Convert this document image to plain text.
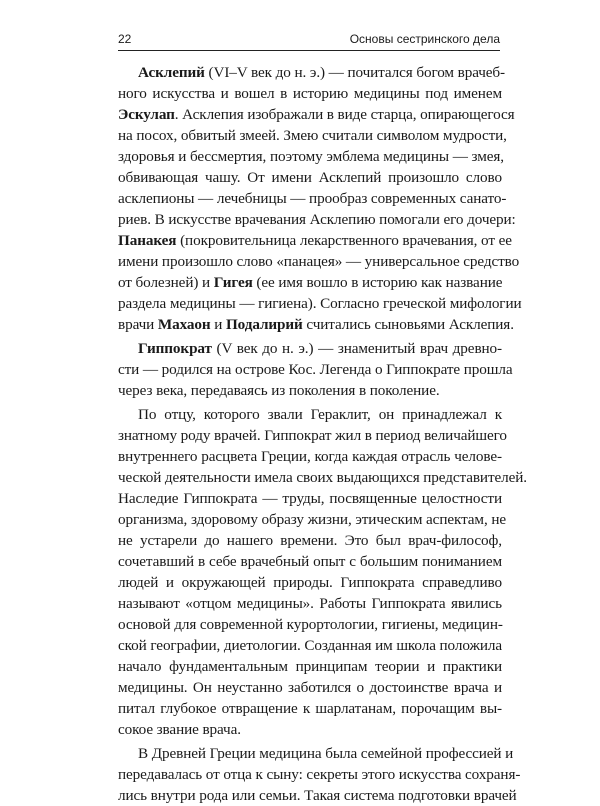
22	Основы сестринского дела

Асклепий (VI–V век до н. э.) — почитался богом врачеб-
ного искусства и вошел в историю медицины под именем
Эскулап. Асклепия изображали в виде старца, опирающегося
на посох, обвитый змеей. Змею считали символом мудрости,
здоровья и бессмертия, поэтому эмблема медицины — змея,
обвивающая чашу. От имени Асклепий произошло слово
асклепионы — лечебницы — прообраз современных санато-
риев. В искусстве врачевания Асклепию помогали его дочери:
Панакея (покровительница лекарственного врачевания, от ее
имени произошло слово «панацея» — универсальное средство
от болезней) и Гигея (ее имя вошло в историю как название
раздела медицины — гигиена). Согласно греческой мифологии
врачи Махаон и Подалирий считались сыновьями Асклепия.

Гиппократ (V век до н. э.) — знаменитый врач древно-
сти — родился на острове Кос. Легенда о Гиппократе прошла
через века, передаваясь из поколения в поколение.

По отцу, которого звали Гераклит, он принадлежал к
знатному роду врачей. Гиппократ жил в период величайшего
внутреннего расцвета Греции, когда каждая отрасль челове-
ческой деятельности имела своих выдающихся представителей.
Наследие Гиппократа — труды, посвященные целостности
организма, здоровому образу жизни, этическим аспектам, не
не устарели до нашего времени. Это был врач-философ,
сочетавший в себе врачебный опыт с большим пониманием
людей и окружающей природы. Гиппократа справедливо
называют «отцом медицины». Работы Гиппократа явились
основой для современной курортологии, гигиены, медицин-
ской географии, диетологии. Созданная им школа положила
начало фундаментальным принципам теории и практики
медицины. Он неустанно заботился о достоинстве врача и
питал глубокое отвращение к шарлатанам, порочащим вы-
сокое звание врача.

В Древней Греции медицина была семейной профессией и
передавалась от отца к сыну: секреты этого искусства сохраня-
лись внутри рода или семьи. Такая система подготовки врачей
